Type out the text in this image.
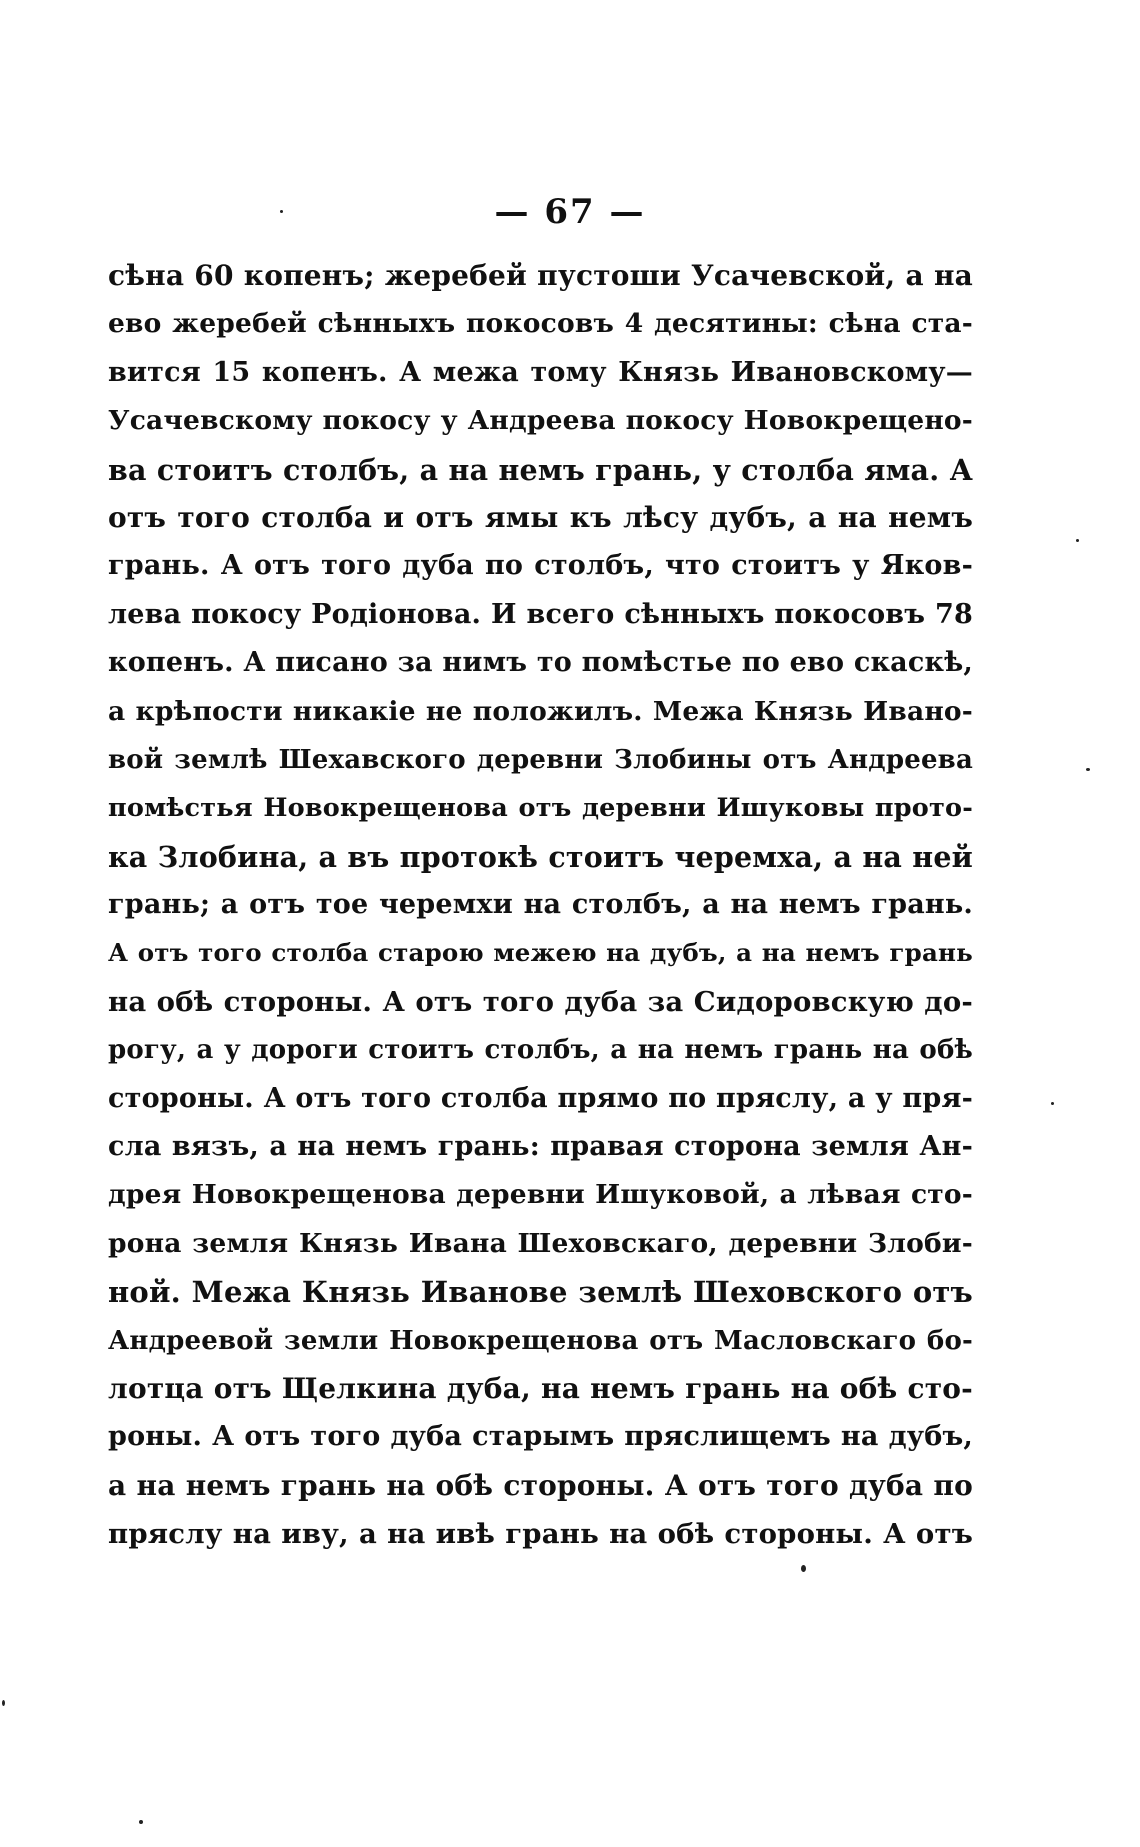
— 67 —
сѣна 60 копенъ; жеребей пустоши Усачевской, а на
ево жеребей сѣнныхъ покосовъ 4 десятины: сѣна ста-
вится 15 копенъ. А межа тому Князь Ивановскому—
Усачевскому покосу у Андреева покосу Новокрещено-
ва стоитъ столбъ, а на немъ грань, у столба яма. А
отъ того столба и отъ ямы къ лѣсу дубъ, а на немъ
грань. А отъ того дуба по столбъ, что стоитъ у Яков-
лева покосу Родіонова. И всего сѣнныхъ покосовъ 78
копенъ. А писано за нимъ то помѣстье по ево скаскѣ,
а крѣпости никакіе не положилъ. Межа Князь Ивано-
вой землѣ Шехавского деревни Злобины отъ Андреева
помѣстья Новокрещенова отъ деревни Ишуковы прото-
ка Злобина, а въ протокѣ стоитъ черемха, а на ней
грань; а отъ тое черемхи на столбъ, а на немъ грань.
А отъ того столба старою межею на дубъ, а на немъ грань
на обѣ стороны. А отъ того дуба за Сидоровскую до-
рогу, а у дороги стоитъ столбъ, а на немъ грань на обѣ
стороны. А отъ того столба прямо по пряслу, а у пря-
сла вязъ, а на немъ грань: правая сторона земля Ан-
дрея Новокрещенова деревни Ишуковой, а лѣвая сто-
рона земля Князь Ивана Шеховскаго, деревни Злоби-
ной. Межа Князь Иванове землѣ Шеховского отъ
Андреевой земли Новокрещенова отъ Масловскаго бо-
лотца отъ Щелкина дуба, на немъ грань на обѣ сто-
роны. А отъ того дуба старымъ пряслищемъ на дубъ,
а на немъ грань на обѣ стороны. А отъ того дуба по
пряслу на иву, а на ивѣ грань на обѣ стороны. А отъ
